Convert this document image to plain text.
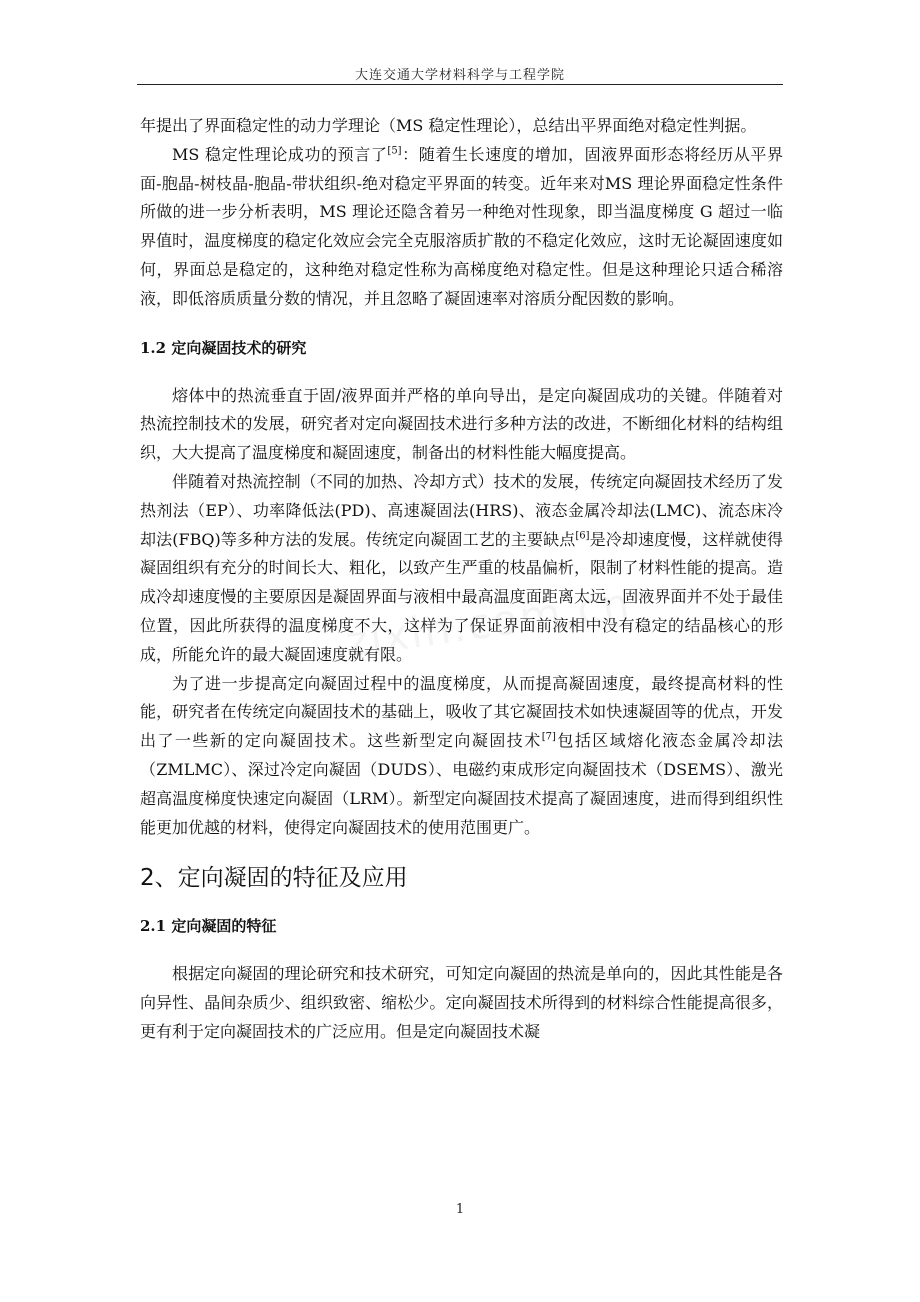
大连交通大学材料科学与工程学院

年提出了界面稳定性的动力学理论（MS 稳定性理论），总结出平界面绝对稳定性判据。

MS 稳定性理论成功的预言了[5]：随着生长速度的增加，固液界面形态将经历从平界面-胞晶-树枝晶-胞晶-带状组织-绝对稳定平界面的转变。近年来对MS 理论界面稳定性条件所做的进一步分析表明，MS 理论还隐含着另一种绝对性现象，即当温度梯度 G 超过一临界值时，温度梯度的稳定化效应会完全克服溶质扩散的不稳定化效应，这时无论凝固速度如何，界面总是稳定的，这种绝对稳定性称为高梯度绝对稳定性。但是这种理论只适合稀溶液，即低溶质质量分数的情况，并且忽略了凝固速率对溶质分配因数的影响。

1.2 定向凝固技术的研究

熔体中的热流垂直于固/液界面并严格的单向导出，是定向凝固成功的关键。伴随着对热流控制技术的发展，研究者对定向凝固技术进行多种方法的改进，不断细化材料的结构组织，大大提高了温度梯度和凝固速度，制备出的材料性能大幅度提高。

伴随着对热流控制（不同的加热、冷却方式）技术的发展，传统定向凝固技术经历了发热剂法（EP）、功率降低法(PD)、高速凝固法(HRS)、液态金属冷却法(LMC)、流态床冷却法(FBQ)等多种方法的发展。传统定向凝固工艺的主要缺点[6]是冷却速度慢，这样就使得凝固组织有充分的时间长大、粗化，以致产生严重的枝晶偏析，限制了材料性能的提高。造成冷却速度慢的主要原因是凝固界面与液相中最高温度面距离太远，固液界面并不处于最佳位置，因此所获得的温度梯度不大，这样为了保证界面前液相中没有稳定的结晶核心的形成，所能允许的最大凝固速度就有限。

为了进一步提高定向凝固过程中的温度梯度，从而提高凝固速度，最终提高材料的性能，研究者在传统定向凝固技术的基础上，吸收了其它凝固技术如快速凝固等的优点，开发出了一些新的定向凝固技术。这些新型定向凝固技术[7]包括区域熔化液态金属冷却法（ZMLMC）、深过冷定向凝固（DUDS）、电磁约束成形定向凝固技术（DSEMS）、激光超高温度梯度快速定向凝固（LRM）。新型定向凝固技术提高了凝固速度，进而得到组织性能更加优越的材料，使得定向凝固技术的使用范围更广。

2、定向凝固的特征及应用
2.1 定向凝固的特征

根据定向凝固的理论研究和技术研究，可知定向凝固的热流是单向的，因此其性能是各向异性、晶间杂质少、组织致密、缩松少。定向凝固技术所得到的材料综合性能提高很多，更有利于定向凝固技术的广泛应用。但是定向凝固技术凝

1
